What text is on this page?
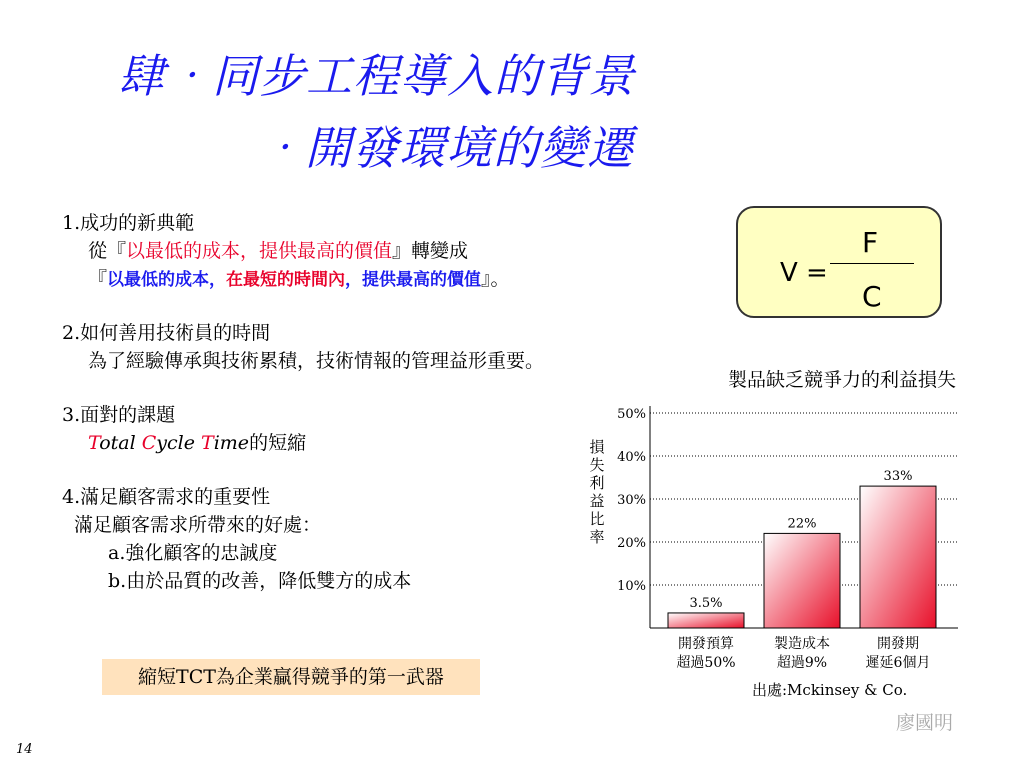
肆‧同步工程導入的背景
‧開發環境的變遷
1.成功的新典範
從『以最低的成本，提供最高的價值』轉變成
『以最低的成本，在最短的時間內，提供最高的價值』。
2.如何善用技術員的時間
為了經驗傳承與技術累積，技術情報的管理益形重要。
3.面對的課題
Total Cycle Time的短縮
4.滿足顧客需求的重要性
滿足顧客需求所帶來的好處：
a.強化顧客的忠誠度
b.由於品質的改善，降低雙方的成本
V =
F
C
製品缺乏競爭力的利益損失
10%
20%
30%
40%
50%
損
失
利
益
比
率
3.5%
開發預算
超過50%
22%
製造成本
超過9%
33%
開發期
遲延6個月
出處:Mckinsey & Co.
縮短TCT為企業贏得競爭的第一武器
廖國明
14
